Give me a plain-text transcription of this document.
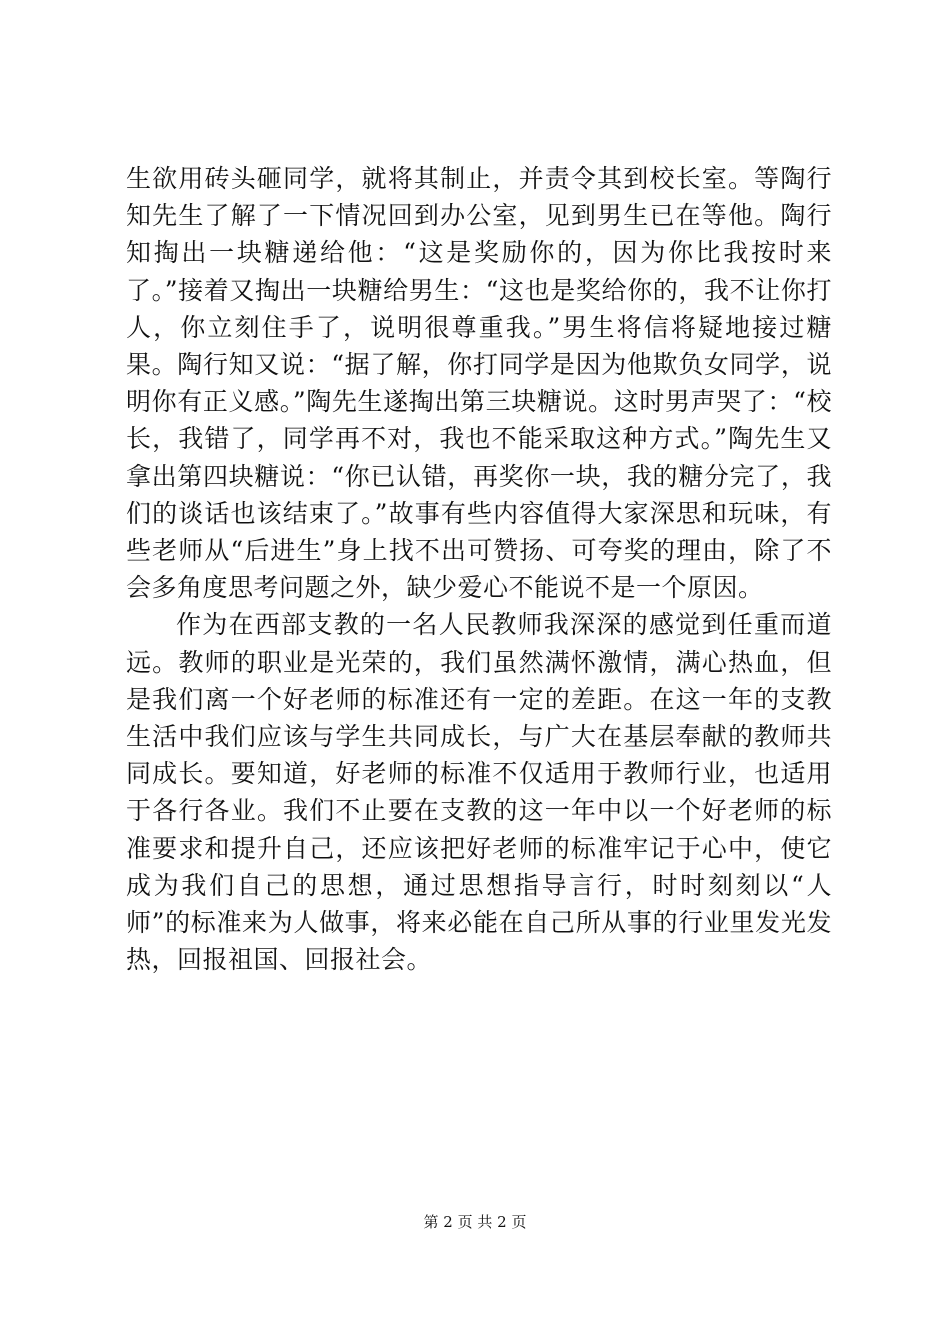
生欲用砖头砸同学，就将其制止，并责令其到校长室。等陶行知先生了解了一下情况回到办公室，见到男生已在等他。陶行知掏出一块糖递给他：“这是奖励你的，因为你比我按时来了。”接着又掏出一块糖给男生：“这也是奖给你的，我不让你打人，你立刻住手了，说明很尊重我。”男生将信将疑地接过糖果。陶行知又说：“据了解，你打同学是因为他欺负女同学，说明你有正义感。”陶先生遂掏出第三块糖说。这时男声哭了：“校长，我错了，同学再不对，我也不能采取这种方式。”陶先生又拿出第四块糖说：“你已认错，再奖你一块，我的糖分完了，我们的谈话也该结束了。”故事有些内容值得大家深思和玩味，有些老师从“后进生”身上找不出可赞扬、可夸奖的理由，除了不会多角度思考问题之外，缺少爱心不能说不是一个原因。

作为在西部支教的一名人民教师我深深的感觉到任重而道远。教师的职业是光荣的，我们虽然满怀激情，满心热血，但是我们离一个好老师的标准还有一定的差距。在这一年的支教生活中我们应该与学生共同成长，与广大在基层奉献的教师共同成长。要知道，好老师的标准不仅适用于教师行业，也适用于各行各业。我们不止要在支教的这一年中以一个好老师的标准要求和提升自己，还应该把好老师的标准牢记于心中，使它成为我们自己的思想，通过思想指导言行，时时刻刻以“人师”的标准来为人做事，将来必能在自己所从事的行业里发光发热，回报祖国、回报社会。

第 2 页 共 2 页
